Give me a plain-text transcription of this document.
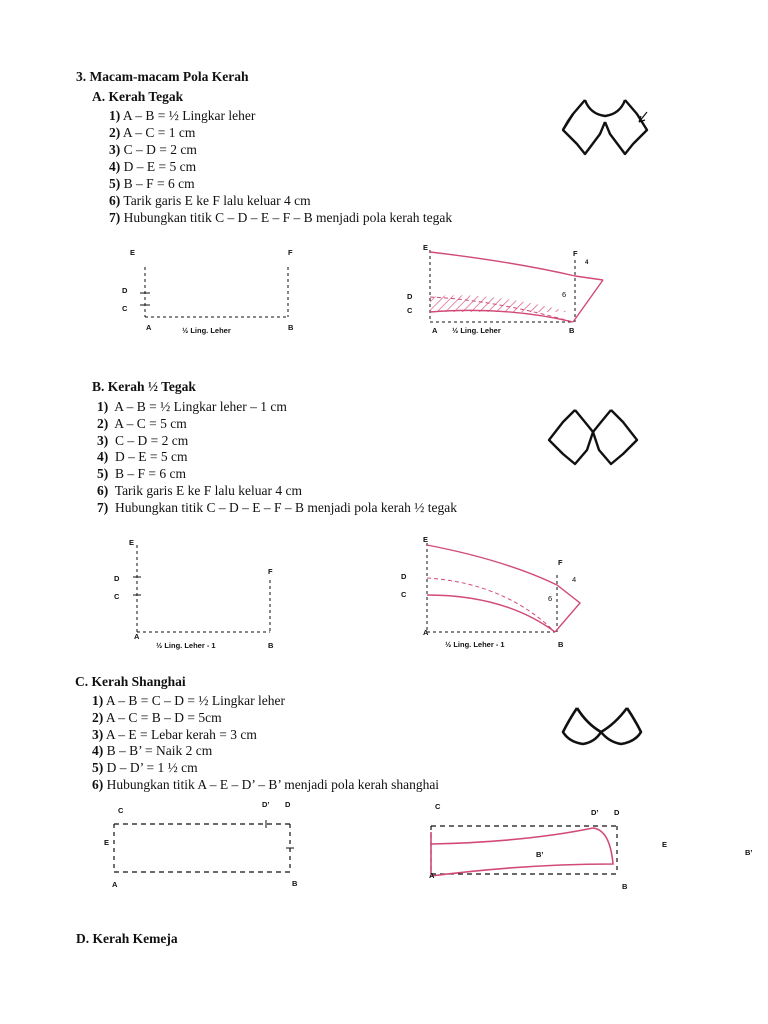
3. Macam-macam Pola Kerah
A. Kerah Tegak
1) A – B = ½ Lingkar leher
2) A – C = 1 cm
3) C – D = 2 cm
4) D – E = 5 cm
5) B – F = 6 cm
6) Tarik garis E ke F lalu keluar 4 cm
7) Hubungkan titik C – D – E – F – B menjadi pola kerah tegak
E	F
D
C
A	½ Ling. Leher	B
E
F
4
6
D
C
A ½ Ling. Leher	B
B. Kerah ½ Tegak
1) A – B = ½ Lingkar leher – 1 cm
2) A – C = 5 cm
3) C – D = 2 cm
4) D – E = 5 cm
5) B – F = 6 cm
6) Tarik garis E ke F lalu keluar 4 cm
7) Hubungkan titik C – D – E – F – B menjadi pola kerah ½ tegak
E
D
F
C
A
½ Ling. Leher - 1	B
E
D
F
4
6
C
A
½ Ling. Leher - 1	B
C. Kerah Shanghai
1) A – B = C – D = ½ Lingkar leher
2) A – C = B – D = 5cm
3) A – E = Lebar kerah = 3 cm
4) B – B’ = Naik 2 cm
5) D – D’ = 1 ½ cm
6) Hubungkan titik A – E – D’ – B’ menjadi pola kerah shanghai
C
D’ D
E
A	B
C
D’ D
B’
A
B
E
B’
D. Kerah Kemeja
